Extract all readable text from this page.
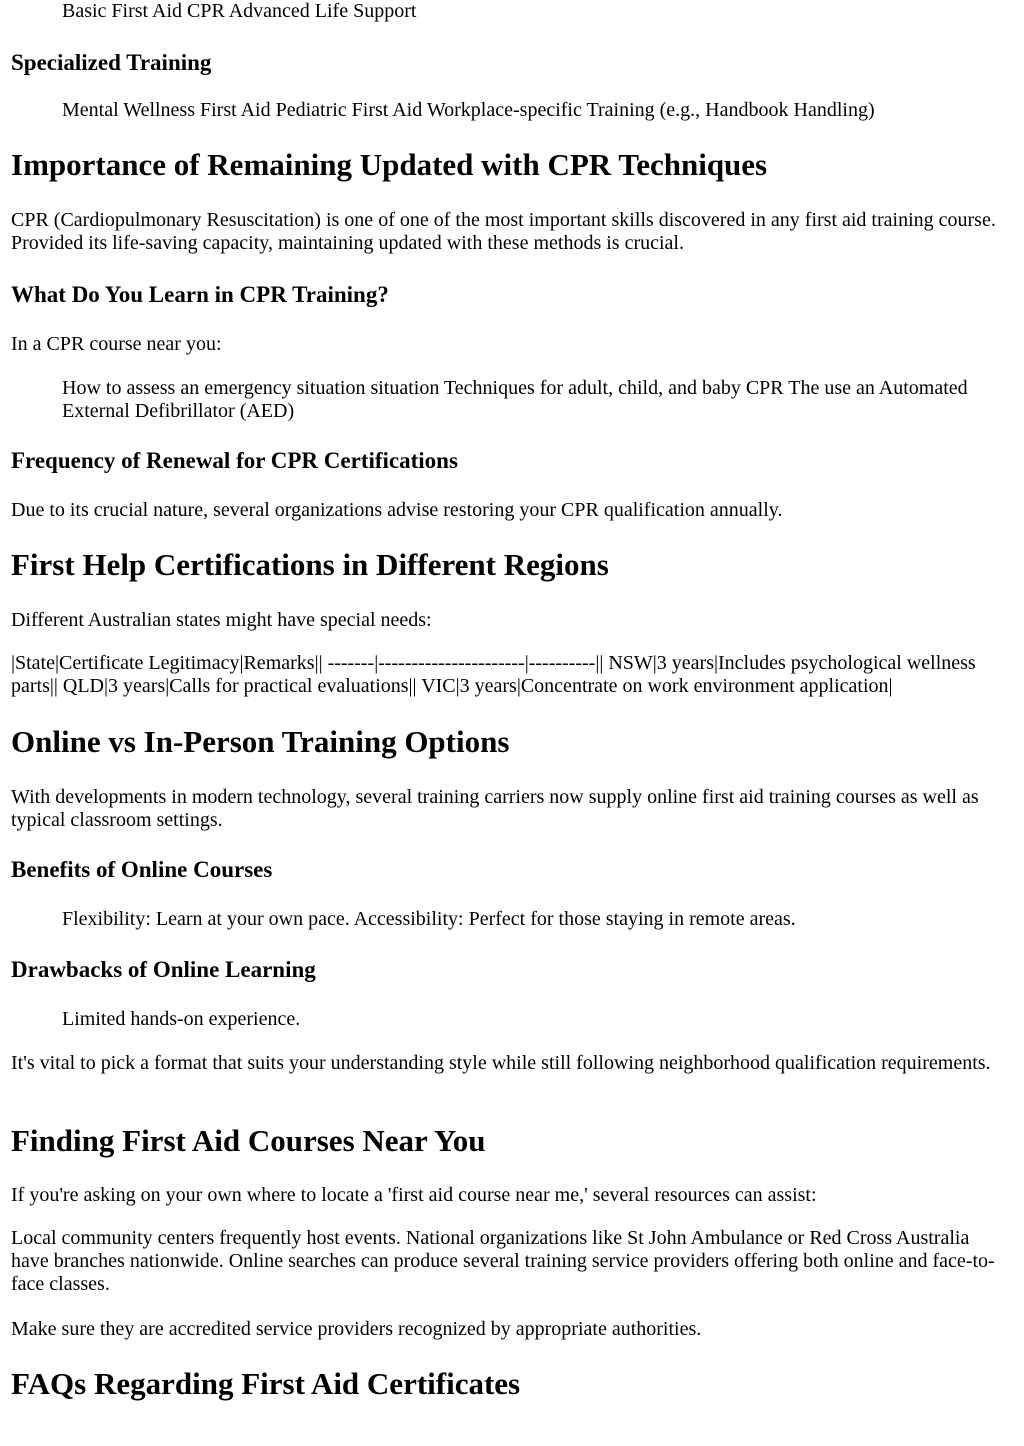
Basic First Aid CPR Advanced Life Support
Specialized Training
Mental Wellness First Aid Pediatric First Aid Workplace-specific Training (e.g., Handbook Handling)
Importance of Remaining Updated with CPR Techniques
CPR (Cardiopulmonary Resuscitation) is one of one of the most important skills discovered in any first aid training course. Provided its life-saving capacity, maintaining updated with these methods is crucial.
What Do You Learn in CPR Training?
In a CPR course near you:
How to assess an emergency situation situation Techniques for adult, child, and baby CPR The use an Automated External Defibrillator (AED)
Frequency of Renewal for CPR Certifications
Due to its crucial nature, several organizations advise restoring your CPR qualification annually.
First Help Certifications in Different Regions
Different Australian states might have special needs:
|State|Certificate Legitimacy|Remarks|| -------|----------------------|----------|| NSW|3 years|Includes psychological wellness parts|| QLD|3 years|Calls for practical evaluations|| VIC|3 years|Concentrate on work environment application|
Online vs In-Person Training Options
With developments in modern technology, several training carriers now supply online first aid training courses as well as typical classroom settings.
Benefits of Online Courses
Flexibility: Learn at your own pace. Accessibility: Perfect for those staying in remote areas.
Drawbacks of Online Learning
Limited hands-on experience.
It's vital to pick a format that suits your understanding style while still following neighborhood qualification requirements.
Finding First Aid Courses Near You
If you're asking on your own where to locate a 'first aid course near me,' several resources can assist:
Local community centers frequently host events. National organizations like St John Ambulance or Red Cross Australia have branches nationwide. Online searches can produce several training service providers offering both online and face-to-face classes.
Make sure they are accredited service providers recognized by appropriate authorities.
FAQs Regarding First Aid Certificates
